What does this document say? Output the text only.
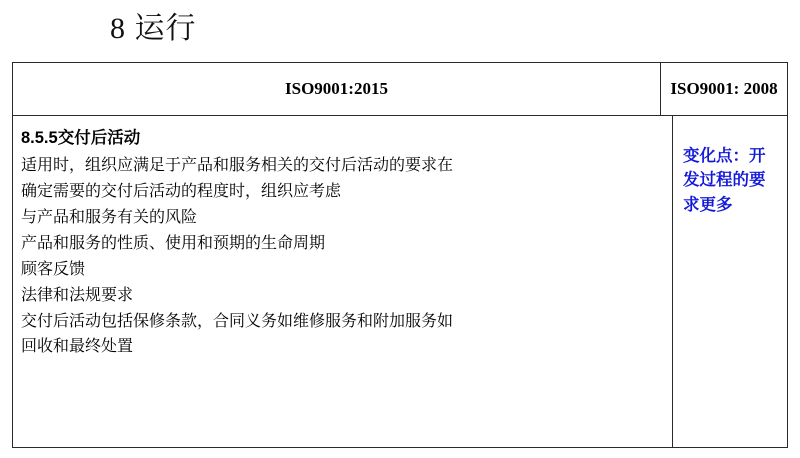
8 运行
ISO9001:2015	ISO9001: 2008

8.5.5交付后活动

适用时，组织应满足于产品和服务相关的交付后活动的要求在

确定需要的交付后活动的程度时，组织应考虑

与产品和服务有关的风险

产品和服务的性质、使用和预期的生命周期

顾客反馈

法律和法规要求

交付后活动包括保修条款，合同义务如维修服务和附加服务如

回收和最终处置

变化点：开发过程的要求更多
